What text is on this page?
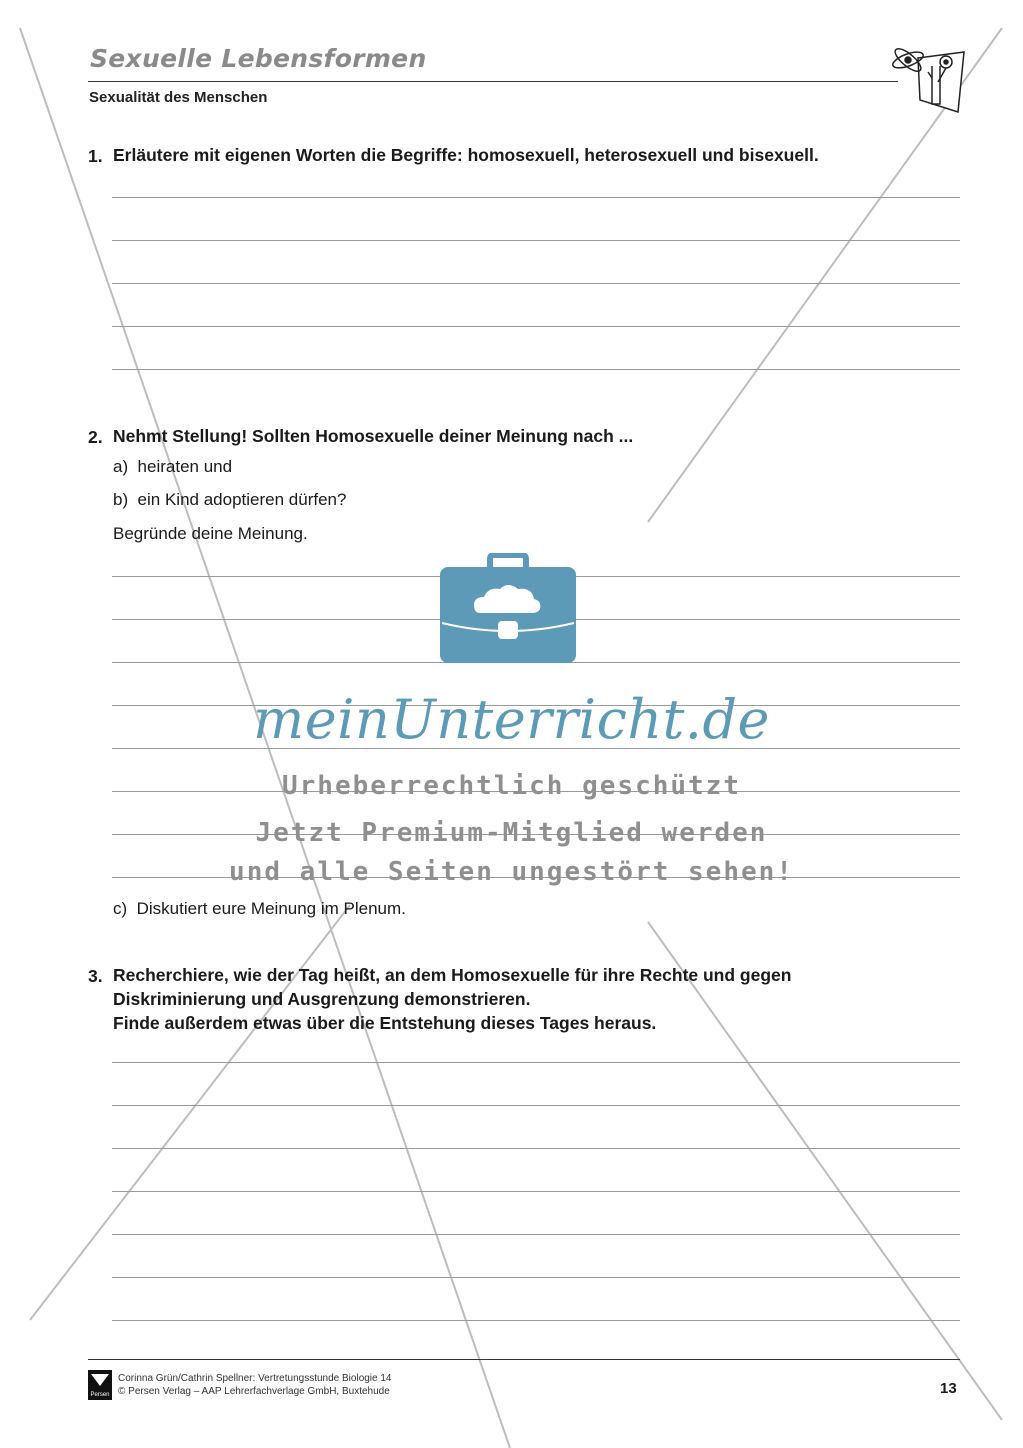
Sexuelle Lebensformen
Sexualität des Menschen
1. Erläutere mit eigenen Worten die Begriffe: homosexuell, heterosexuell und bisexuell.
2. Nehmt Stellung! Sollten Homosexuelle deiner Meinung nach ...
a)  heiraten und
b)  ein Kind adoptieren dürfen?
Begründe deine Meinung.
c)  Diskutiert eure Meinung im Plenum.
3. Recherchiere, wie der Tag heißt, an dem Homosexuelle für ihre Rechte und gegen
Diskriminierung und Ausgrenzung demonstrieren.
Finde außerdem etwas über die Entstehung dieses Tages heraus.
meinUnterricht.de
Urheberrechtlich geschützt
Jetzt Premium-Mitglied werden
und alle Seiten ungestört sehen!
Persen
Corinna Grün/Cathrin Spellner: Vertretungsstunde Biologie 14
© Persen Verlag – AAP Lehrerfachverlage GmbH, Buxtehude	13
